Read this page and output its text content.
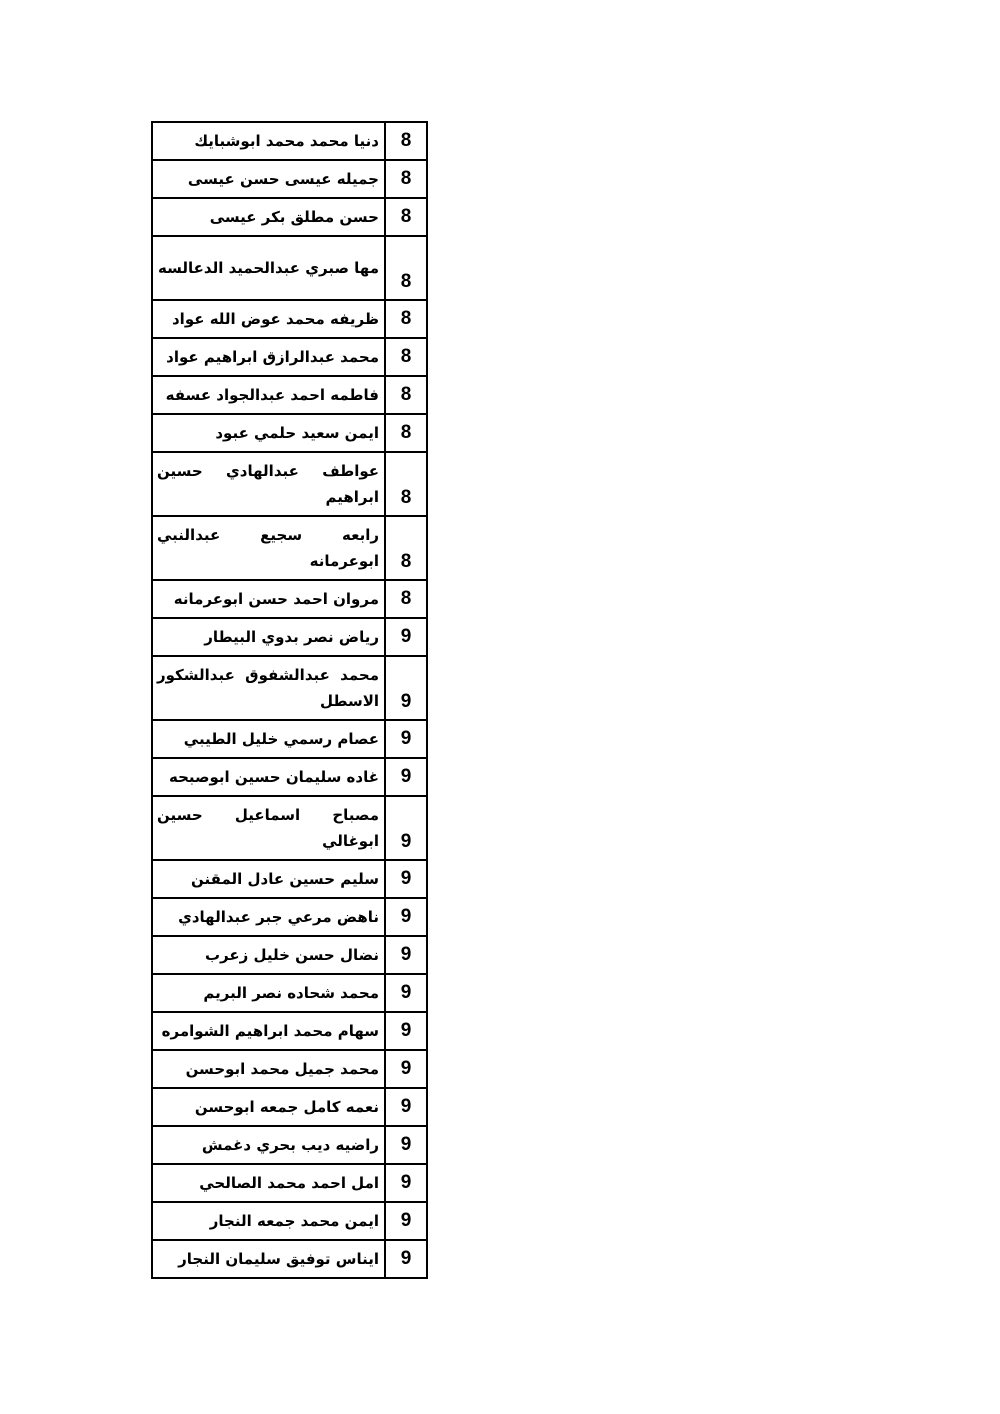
8	دنيا محمد محمد ابوشبايك
8	جميله عيسى حسن عيسى
8	حسن مطلق بكر عيسى
8	مها صبري عبدالحميد الدعالسه
8	ظريفه محمد عوض الله عواد
8	محمد عبدالرازق ابراهيم عواد
8	فاطمه احمد عبدالجواد عسفه
8	ايمن سعيد حلمي عبود
8	عواطف عبدالهادي حسين ابراهيم
8	رابعه سجيع عبدالنبي ابوعرمانه
8	مروان احمد حسن ابوعرمانه
9	رياض نصر بدوي البيطار
9	محمد عبدالشفوق عبدالشكور الاسطل
9	عصام رسمي خليل الطيبي
9	غاده سليمان حسين ابوصبحه
9	مصباح اسماعيل حسين ابوغالي
9	سليم حسين عادل المقنن
9	ناهض مرعي جبر عبدالهادي
9	نضال حسن خليل زعرب
9	محمد شحاده نصر البريم
9	سهام محمد ابراهيم الشوامره
9	محمد جميل محمد ابوحسن
9	نعمه كامل جمعه ابوحسن
9	راضيه ديب بحري دغمش
9	امل احمد محمد الصالحي
9	ايمن محمد جمعه النجار
9	ايناس توفيق سليمان النجار
